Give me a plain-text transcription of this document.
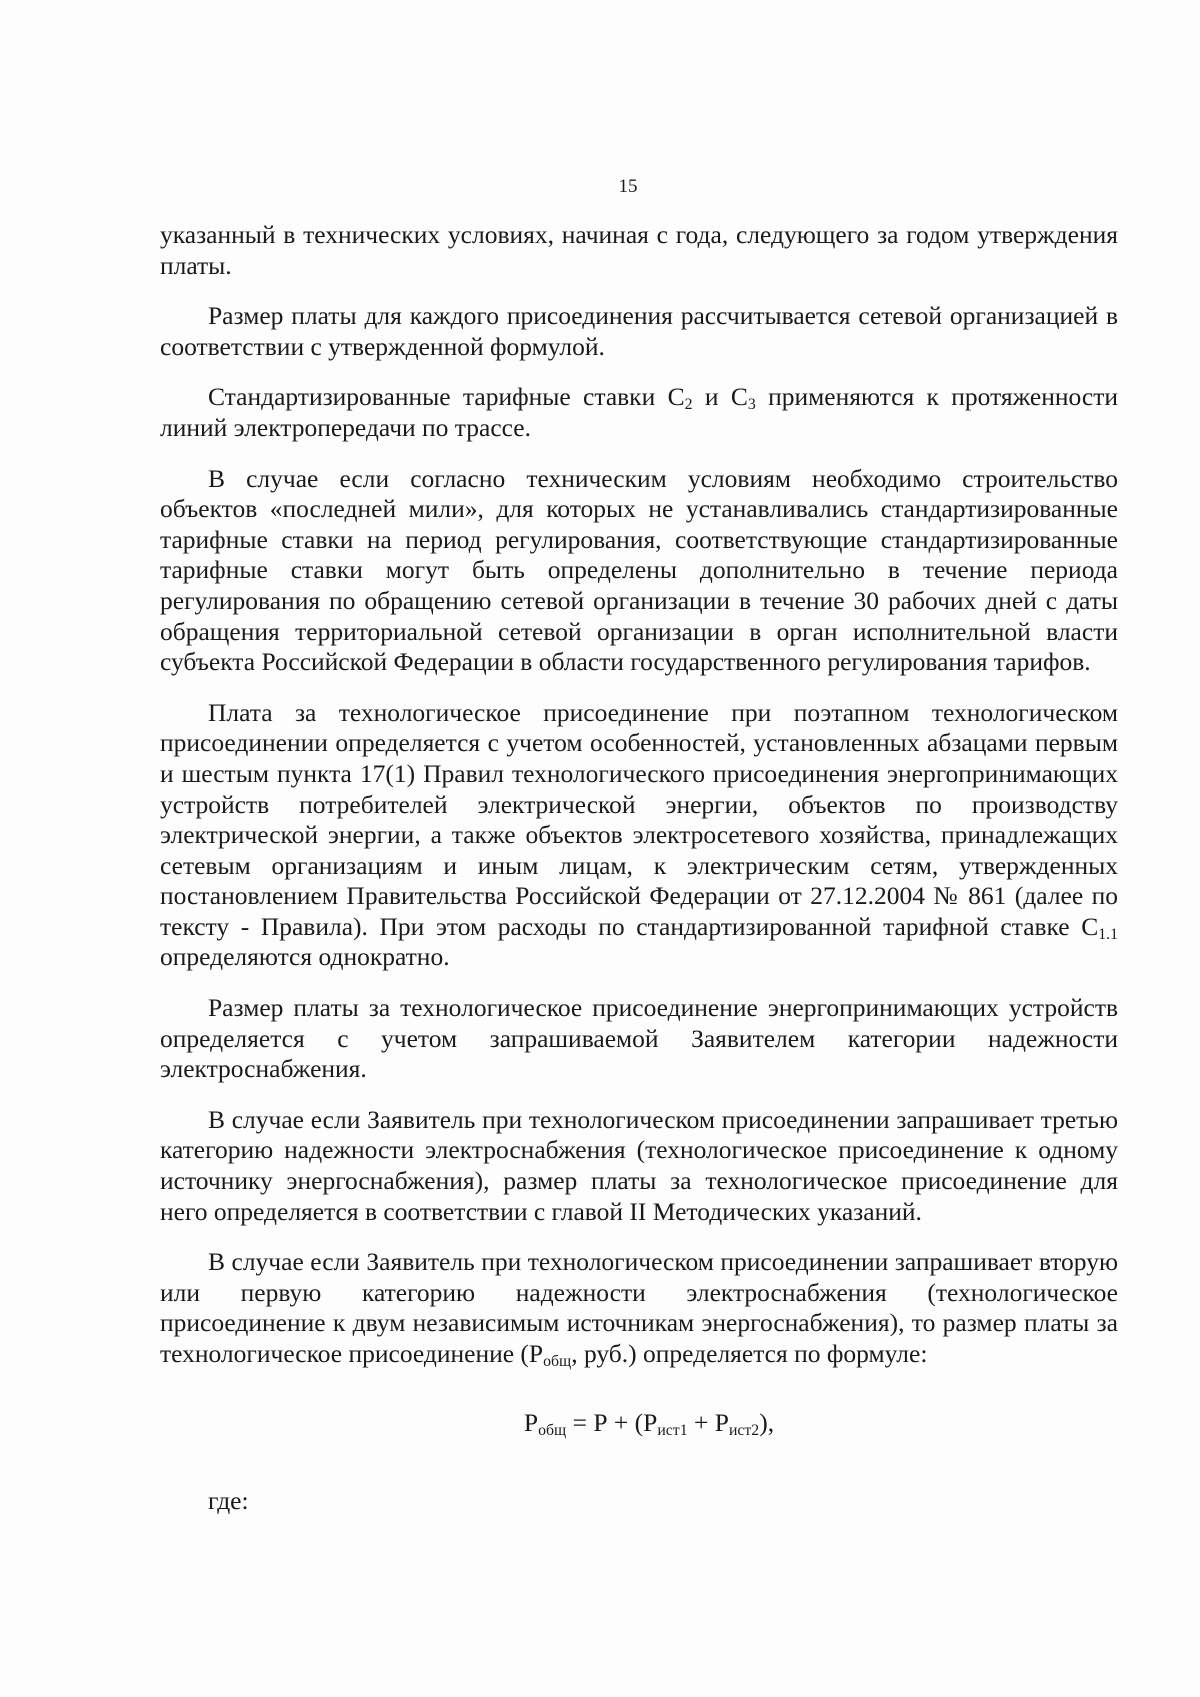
15

указанный в технических условиях, начиная с года, следующего за годом утверждения платы.

Размер платы для каждого присоединения рассчитывается сетевой организацией в соответствии с утвержденной формулой.

Стандартизированные тарифные ставки $С_2$ и $С_3$ применяются к протяженности линий электропередачи по трассе.

В случае если согласно техническим условиям необходимо строительство объектов «последней мили», для которых не устанавливались стандартизированные тарифные ставки на период регулирования, соответствующие стандартизированные тарифные ставки могут быть определены дополнительно в течение периода регулирования по обращению сетевой организации в течение 30 рабочих дней с даты обращения территориальной сетевой организации в орган исполнительной власти субъекта Российской Федерации в области государственного регулирования тарифов.

Плата за технологическое присоединение при поэтапном технологическом присоединении определяется с учетом особенностей, установленных абзацами первым и шестым пункта 17(1) Правил технологического присоединения энергопринимающих устройств потребителей электрической энергии, объектов по производству электрической энергии, а также объектов электросетевого хозяйства, принадлежащих сетевым организациям и иным лицам, к электрическим сетям, утвержденных постановлением Правительства Российской Федерации от 27.12.2004 № 861 (далее по тексту - Правила). При этом расходы по стандартизированной тарифной ставке $С_{1.1}$ определяются однократно.

Размер платы за технологическое присоединение энергопринимающих устройств определяется с учетом запрашиваемой Заявителем категории надежности электроснабжения.

В случае если Заявитель при технологическом присоединении запрашивает третью категорию надежности электроснабжения (технологическое присоединение к одному источнику энергоснабжения), размер платы за технологическое присоединение для него определяется в соответствии с главой II Методических указаний.

В случае если Заявитель при технологическом присоединении запрашивает вторую или первую категорию надежности электроснабжения (технологическое присоединение к двум независимым источникам энергоснабжения), то размер платы за технологическое присоединение ($Р_{общ}$, руб.) определяется по формуле:

$Р_{общ} = Р + (Р_{ист1} + Р_{ист2})$,
где:
